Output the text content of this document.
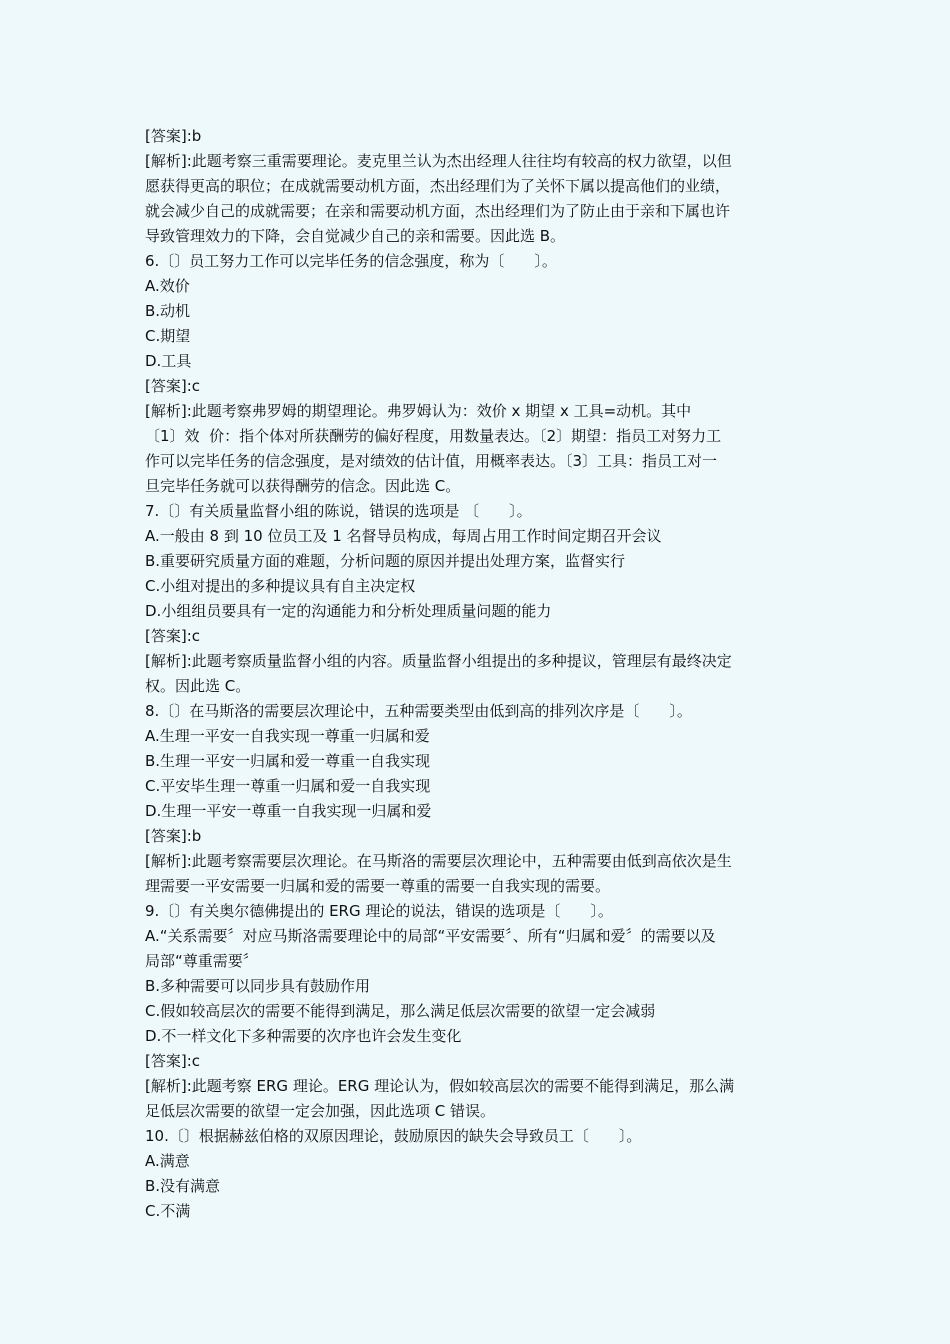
[答案]:b
[解析]:此题考察三重需要理论。麦克里兰认为杰出经理人往往均有较高的权力欲望，以但
愿获得更高的职位；在成就需要动机方面，杰出经理们为了关怀下属以提高他们的业绩，
就会减少自己的成就需要；在亲和需要动机方面，杰出经理们为了防止由于亲和下属也许
导致管理效力的下降，会自觉减少自己的亲和需要。因此选 B。
6.〔〕员工努力工作可以完毕任务的信念强度，称为〔　　〕。
A.效价
B.动机
C.期望
D.工具
[答案]:c
[解析]:此题考察弗罗姆的期望理论。弗罗姆认为：效价 x 期望 x 工具=动机。其中
〔1〕效  价：指个体对所获酬劳的偏好程度，用数量表达。〔2〕期望：指员工对努力工
作可以完毕任务的信念强度，是对绩效的估计值，用概率表达。〔3〕工具：指员工对一
旦完毕任务就可以获得酬劳的信念。因此选 C。
7.〔〕有关质量监督小组的陈说，错误的选项是 〔　　〕。
A.一般由 8 到 10 位员工及 1 名督导员构成，每周占用工作时间定期召开会议
B.重要研究质量方面的难题，分析问题的原因并提出处理方案，监督实行
C.小组对提出的多种提议具有自主决定权
D.小组组员要具有一定的沟通能力和分析处理质量问题的能力
[答案]:c
[解析]:此题考察质量监督小组的内容。质量监督小组提出的多种提议，管理层有最终决定
权。因此选 C。
8.〔〕在马斯洛的需要层次理论中，五种需要类型由低到高的排列次序是〔　　〕。
A.生理一平安一自我实现一尊重一归属和爱
B.生理一平安一归属和爱一尊重一自我实现
C.平安毕生理一尊重一归属和爱一自我实现
D.生理一平安一尊重一自我实现一归属和爱
[答案]:b
[解析]:此题考察需要层次理论。在马斯洛的需要层次理论中，五种需要由低到高依次是生
理需要一平安需要一归属和爱的需要一尊重的需要一自我实现的需要。
9.〔〕有关奥尔德佛提出的 ERG 理论的说法，错误的选项是〔　　〕。
A.“关系需要〞对应马斯洛需要理论中的局部“平安需要〞、所有“归属和爱〞的需要以及
局部“尊重需要〞
B.多种需要可以同步具有鼓励作用
C.假如较高层次的需要不能得到满足，那么满足低层次需要的欲望一定会减弱
D.不一样文化下多种需要的次序也许会发生变化
[答案]:c
[解析]:此题考察 ERG 理论。ERG 理论认为，假如较高层次的需要不能得到满足，那么满
足低层次需要的欲望一定会加强，因此选项 C 错误。
10.〔〕根据赫兹伯格的双原因理论，鼓励原因的缺失会导致员工〔　　〕。
A.满意
B.没有满意
C.不满
